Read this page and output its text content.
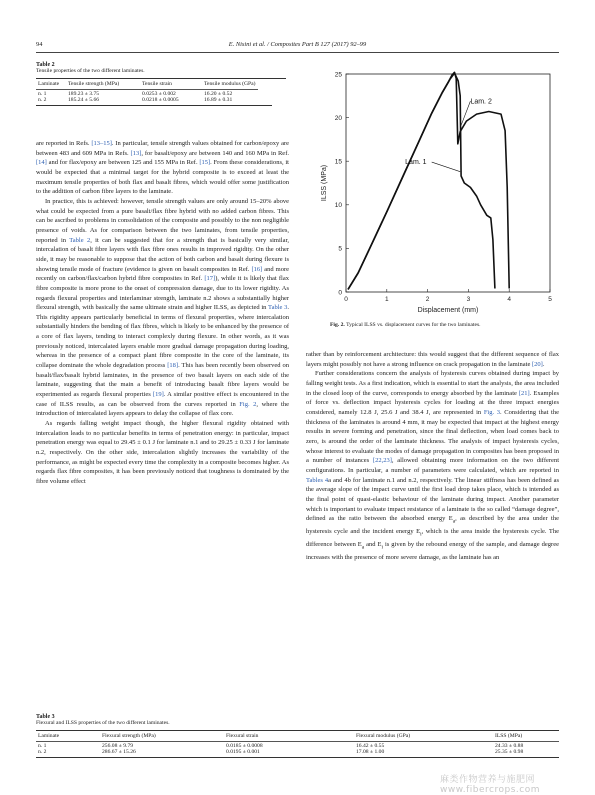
94	E. Nisini et al. / Composites Part B 127 (2017) 92–99
Table 2
Tensile properties of the two different laminates.
Laminate	Tensile strength (MPa)	Tensile strain	Tensile modulus (GPa)

n. 1	189.23 ± 3.75	0.0253 ± 0.002	16.20 ± 0.52
n. 2	185.24 ± 5.66	0.0218 ± 0.0005	16.89 ± 0.31
0	1	2	3	4	5
0
5
10
15
20
25
Displacement (mm)
ILSS (MPa)
Lam. 2
Lam. 1
Fig. 2. Typical ILSS vs. displacement curves for the two laminates.

are reported in Refs. [13–15]. In particular, tensile strength values obtained for carbon/epoxy are between 483 and 609 MPa in Refs. [13], for basalt/epoxy are between 140 and 160 MPa in Ref. [14] and for flax/epoxy are between 125 and 155 MPa in Ref. [15]. From these considerations, it would be expected that a minimal target for the hybrid composite is to exceed at least the maximum tensile properties of both flax and basalt fibres, which would offer some justification to the addition of carbon fibre layers to the laminate.

In practice, this is achieved: however, tensile strength values are only around 15–20% above what could be expected from a pure basalt/flax fibre hybrid with no added carbon fibres. This can be ascribed to problems in consolidation of the composite and possibly to the non negligible presence of voids. As for comparison between the two laminates, from tensile properties, reported in Table 2, it can be suggested that for a strength that is basically very similar, intercalation of basalt fibre layers with flax fibre ones results in improved rigidity. On the other side, it may be reasonable to suppose that the action of both carbon and basalt during flexure is showing tensile mode of fracture (evidence is given on basalt composites in Ref. [16] and more recently on carbon/flax/carbon hybrid fibre composites in Ref. [17]), while it is likely that flax fibre composite is more prone to the onset of compression damage, due to its lower rigidity. As regards flexural properties and interlaminar strength, laminate n.2 shows a substantially higher flexural strength, with basically the same ultimate strain and higher ILSS, as depicted in Table 3. This rigidity appears particularly beneficial in terms of flexural properties, where intercalation substantially hinders the bending of flax fibres, which is likely to be enhanced by the presence of a core of flax layers, tending to interact complexly during flexure. In other words, as it was previously noticed, intercalated layers enable more gradual damage propagation during loading, whereas in the presence of a compact plant fibre composite in the core of the laminate, its collapse dominate the whole degradation process [18]. This has been recently been observed on basalt/flax/basalt hybrid laminates, in the presence of two basalt layers on each side of the laminate, suggesting that the main a benefit of introducing basalt fibre layers would be experimented as regards flexural properties [19]. A similar positive effect is encountered in the case of ILSS results, as can be observed from the curves reported in Fig. 2, where the introduction of intercalated layers appears to delay the collapse of flax core.

As regards falling weight impact though, the higher flexural rigidity obtained with intercalation leads to no particular benefits in terms of penetration energy: in particular, impact penetration energy was equal to 29.45 ± 0.1 J for laminate n.1 and to 29.25 ± 0.33 J for laminate n.2, respectively. On the other side, intercalation slightly increases the variability of the performance, as might be expected every time the complexity in a composite becomes higher. As regards flax fibre composites, it has been previously noticed that toughness is dominated by the fibre volume effect

rather than by reinforcement architecture: this would suggest that the different sequence of flax layers might possibly not have a strong influence on crack propagation in the laminate [20].

Further considerations concern the analysis of hysteresis curves obtained during impact by falling weight tests. As a first indication, which is essential to start the analysis, the area included in the closed loop of the curve, corresponds to energy absorbed by the laminate [21]. Examples of force vs. deflection impact hysteresis cycles for loading at the three impact energies considered, namely 12.8 J, 25.6 J and 38.4 J, are represented in Fig. 3. Considering that the thickness of the laminates is around 4 mm, it may be expected that impact at the highest energy results in severe forming and penetration, since the final deflection, when load comes back to zero, is around the order of the laminate thickness. The analysis of impact hysteresis cycles, whose interest to evaluate the modes of damage propagation in composites has been proposed in a number of instances [22,23], allowed obtaining more information on the two different configurations. In particular, a number of parameters were calculated, which are reported in Tables 4a and 4b for laminate n.1 and n.2, respectively. The linear stiffness has been defined as the average slope of the impact curve until the first load drop takes place, which is intended as the final point of quasi-elastic behaviour of the laminate during impact. Another parameter which is important to evaluate impact resistance of a laminate is the so called “damage degree”, defined as the ratio between the absorbed energy $E_a$, as described by the area under the hysteresis cycle and the incident energy $E_i$, which is the area inside the hysteresis cycle. The difference between $E_a$ and $E_i$ is given by the rebound energy of the sample, and damage degree increases with the presence of more severe damage, as the laminate has an

Table 3
Flexural and ILSS properties of the two different laminates.
Laminate	Flexural strength (MPa)	Flexural strain	Flexural modulus (GPa)	ILSS (MPa)

n. 1	256.08 ± 9.79	0.0185 ± 0.0008	16.42 ± 0.55	24.33 ± 0.88
n. 2	286.67 ± 15.26	0.0195 ± 0.001	17.08 ± 1.00	25.35 ± 0.98
麻类作物营养与施肥网 www.fibercrops.com
